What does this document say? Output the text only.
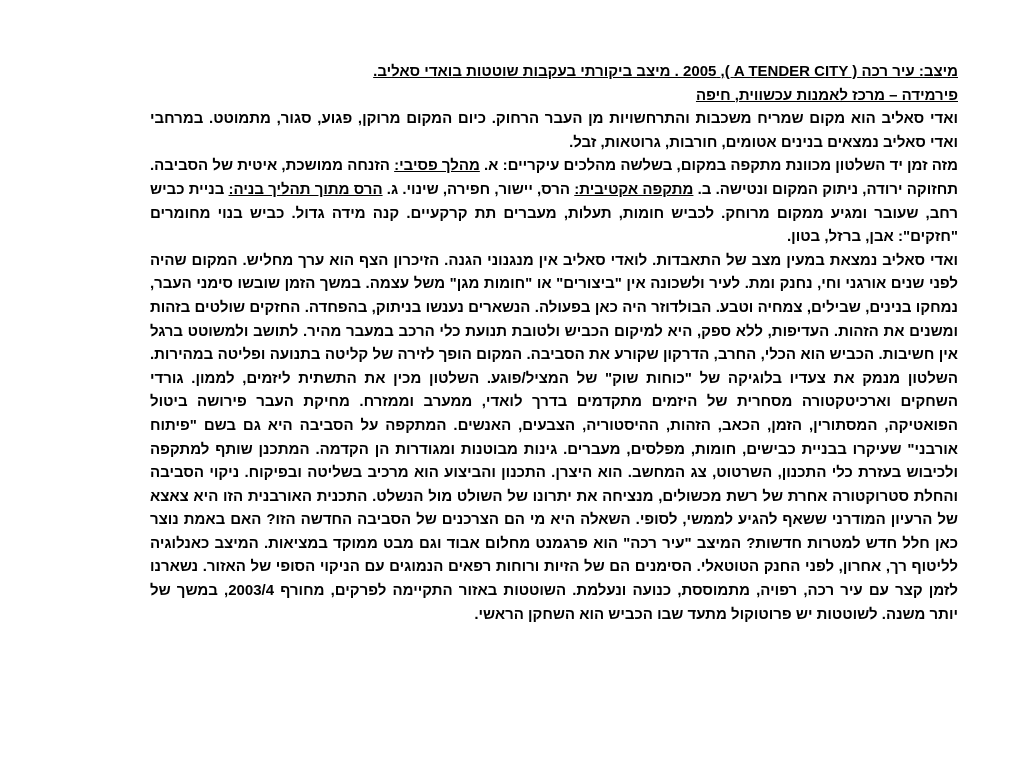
מיצב: עיר רכה ( A TENDER CITY ), 2005 . מיצב ביקורתי בעקבות שוטטות בואדי סאליב.

פירמידה – מרכז לאמנות עכשווית, חיפה

ואדי סאליב הוא מקום שמריח משכבות והתרחשויות מן העבר הרחוק. כיום המקום מרוקן, פגוע, סגור, מתמוטט. במרחבי ואדי סאליב נמצאים בנינים אטומים, חורבות, גרוטאות, זבל.

מזה זמן יד השלטון מכוונת מתקפה במקום, בשלשה מהלכים עיקריים: א. מהלך פסיבי: הזנחה ממושכת, איטית של הסביבה. תחזוקה ירודה, ניתוק המקום ונטישה. ב. מתקפה אקטיבית: הרס, יישור, חפירה, שינוי. ג. הרס מתוך תהליך בניה: בניית כביש רחב, שעובר ומגיע ממקום מרוחק. לכביש חומות, תעלות, מעברים תת קרקעיים. קנה מידה גדול. כביש בנוי מחומרים "חזקים": אבן, ברזל, בטון.

ואדי סאליב נמצאת במעין מצב של התאבדות. לואדי סאליב אין מנגנוני הגנה. הזיכרון הצף הוא ערך מחליש. המקום שהיה לפני שנים אורגני וחי, נחנק ומת. לעיר ולשכונה אין "ביצורים" או "חומות מגן" משל עצמה. במשך הזמן שובשו סימני העבר, נמחקו בנינים, שבילים, צמחיה וטבע. הבולדוזר היה כאן בפעולה. הנשארים נענשו בניתוק, בהפחדה. החזקים שולטים בזהות ומשנים את הזהות. העדיפות, ללא ספק, היא למיקום הכביש ולטובת תנועת כלי הרכב במעבר מהיר. לתושב ולמשוטט ברגל אין חשיבות. הכביש הוא הכלי, החרב, הדרקון שקורע את הסביבה. המקום הופך לזירה של קליטה בתנועה ופליטה במהירות. השלטון מנמק את צעדיו בלוגיקה של "כוחות שוק" של המציל/פוגע. השלטון מכין את התשתית ליזמים, לממון. גורדי השחקים וארכיטקטורה מסחרית של היזמים מתקדמים בדרך לואדי, ממערב וממזרח. מחיקת העבר פירושה ביטול הפואטיקה, המסתורין, הזמן, הכאב, הזהות, ההיסטוריה, הצבעים, האנשים. המתקפה על הסביבה היא גם בשם "פיתוח אורבני" שעיקרו בבניית כבישים, חומות, מפלסים, מעברים. גינות מבוטנות ומגודרות הן הקדמה. המתכנן שותף למתקפה ולכיבוש בעזרת כלי התכנון, השרטוט, צג המחשב. הוא היצרן. התכנון והביצוע הוא מרכיב בשליטה ובפיקוח. ניקוי הסביבה והחלת סטרוקטורה אחרת של רשת מכשולים, מנציחה את יתרונו של השולט מול הנשלט. התכנית האורבנית הזו היא צאצא של הרעיון המודרני ששאף להגיע לממשי, לסופי. השאלה היא מי הם הצרכנים של הסביבה החדשה הזו? האם באמת נוצר כאן חלל חדש למטרות חדשות? המיצב "עיר רכה" הוא פרגמנט מחלום אבוד וגם מבט ממוקד במציאות. המיצב כאנלוגיה לליטוף רך, אחרון, לפני החנק הטוטאלי. הסימנים הם של הזיות ורוחות רפאים הנמוגים עם הניקוי הסופי של האזור. נשארנו לזמן קצר עם עיר רכה, רפויה, מתמוססת, כנועה ונעלמת. השוטטות באזור התקיימה לפרקים, מחורף 2003/4, במשך של יותר משנה. לשוטטות יש פרוטוקול מתעד שבו הכביש הוא השחקן הראשי.
